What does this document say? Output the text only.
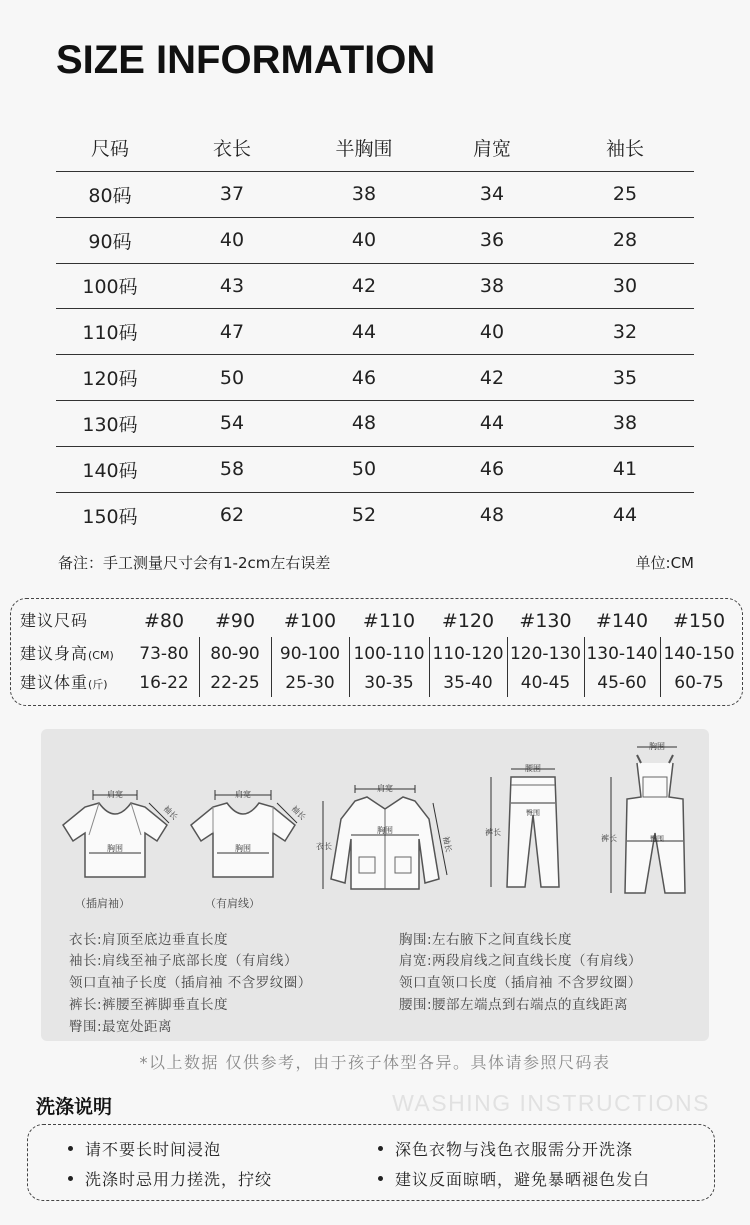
SIZE INFORMATION
尺码	衣长	半胸围	肩宽	袖长
80码	37	38	34	25
90码	40	40	36	28
100码	43	42	38	30
110码	47	44	40	32
120码	50	46	42	35
130码	54	48	44	38
140码	58	50	46	41
150码	62	52	48	44
备注：手工测量尺寸会有1-2cm左右误差	单位:CM
建议尺码	#80	#90	#100	#110	#120	#130	#140	#150
建议身高(CM)	73-80	80-90	90-100 100-110 110-120 120-130 130-140 140-150
建议体重(斤)	16-22	22-25	25-30	30-35	35-40	40-45	45-60	60-75
肩宽
胸围
袖长
（插肩袖）
肩宽
胸围
袖长
（有肩线）
肩宽
胸围
衣长	袖长
腰围
裤长
臀围
胸围
裤长	臀围
衣长:肩顶至底边垂直长度
袖长:肩线至袖子底部长度（有肩线）
领口直袖子长度（插肩袖 不含罗纹圈）
裤长:裤腰至裤脚垂直长度
臀围:最宽处距离
胸围:左右腋下之间直线长度
肩宽:两段肩线之间直线长度（有肩线）
领口直领口长度（插肩袖 不含罗纹圈）
腰围:腰部左端点到右端点的直线距离
*以上数据 仅供参考，由于孩子体型各异。具体请参照尺码表
洗涤说明	WASHING INSTRUCTIONS
请不要长时间浸泡	深色衣物与浅色衣服需分开洗涤
洗涤时忌用力搓洗，拧绞	建议反面晾晒，避免暴晒褪色发白
